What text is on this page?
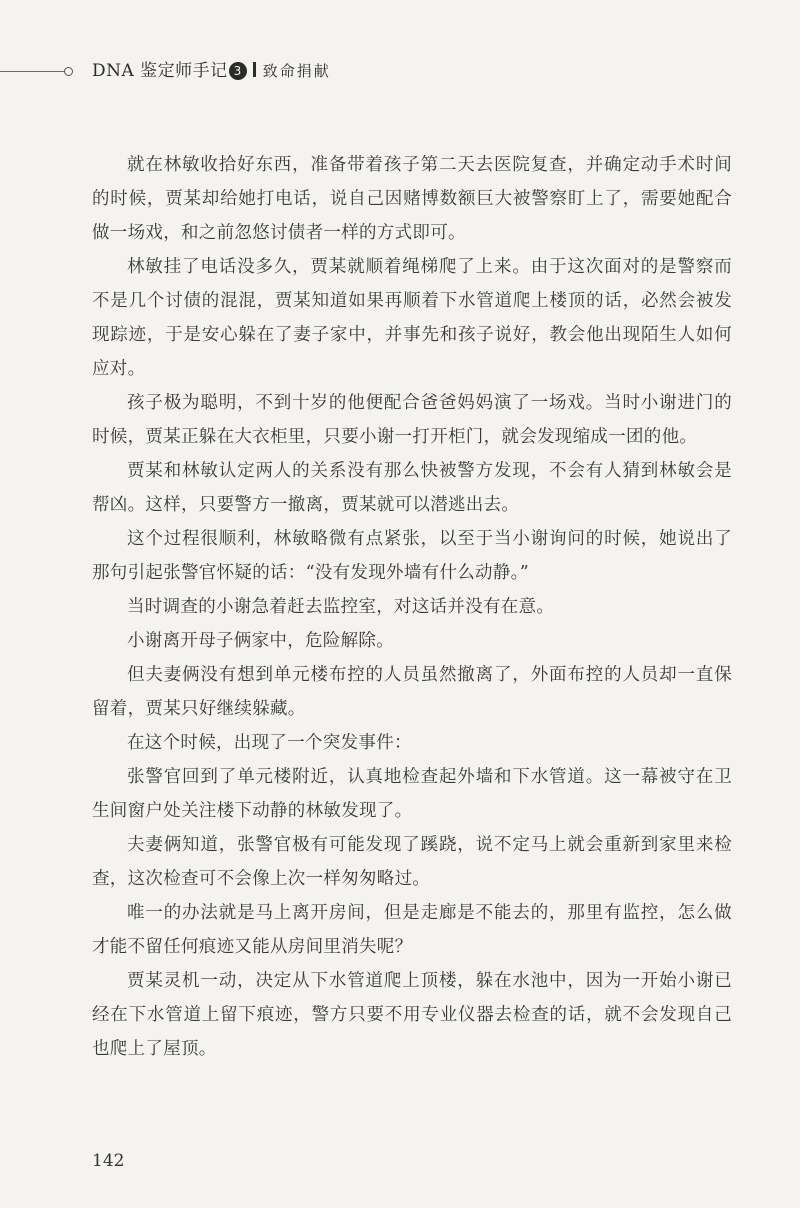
DNA 鉴定师手记 3 致命捐献

就在林敏收拾好东西，准备带着孩子第二天去医院复查，并确定动手术时间的时候，贾某却给她打电话，说自己因赌博数额巨大被警察盯上了，需要她配合做一场戏，和之前忽悠讨债者一样的方式即可。

林敏挂了电话没多久，贾某就顺着绳梯爬了上来。由于这次面对的是警察而不是几个讨债的混混，贾某知道如果再顺着下水管道爬上楼顶的话，必然会被发现踪迹，于是安心躲在了妻子家中，并事先和孩子说好，教会他出现陌生人如何应对。

孩子极为聪明，不到十岁的他便配合爸爸妈妈演了一场戏。当时小谢进门的时候，贾某正躲在大衣柜里，只要小谢一打开柜门，就会发现缩成一团的他。

贾某和林敏认定两人的关系没有那么快被警方发现，不会有人猜到林敏会是帮凶。这样，只要警方一撤离，贾某就可以潜逃出去。

这个过程很顺利，林敏略微有点紧张，以至于当小谢询问的时候，她说出了那句引起张警官怀疑的话：“没有发现外墙有什么动静。”

当时调查的小谢急着赶去监控室，对这话并没有在意。

小谢离开母子俩家中，危险解除。

但夫妻俩没有想到单元楼布控的人员虽然撤离了，外面布控的人员却一直保留着，贾某只好继续躲藏。

在这个时候，出现了一个突发事件：

张警官回到了单元楼附近，认真地检查起外墙和下水管道。这一幕被守在卫生间窗户处关注楼下动静的林敏发现了。

夫妻俩知道，张警官极有可能发现了蹊跷，说不定马上就会重新到家里来检查，这次检查可不会像上次一样匆匆略过。

唯一的办法就是马上离开房间，但是走廊是不能去的，那里有监控，怎么做才能不留任何痕迹又能从房间里消失呢？

贾某灵机一动，决定从下水管道爬上顶楼，躲在水池中，因为一开始小谢已经在下水管道上留下痕迹，警方只要不用专业仪器去检查的话，就不会发现自己也爬上了屋顶。

142
